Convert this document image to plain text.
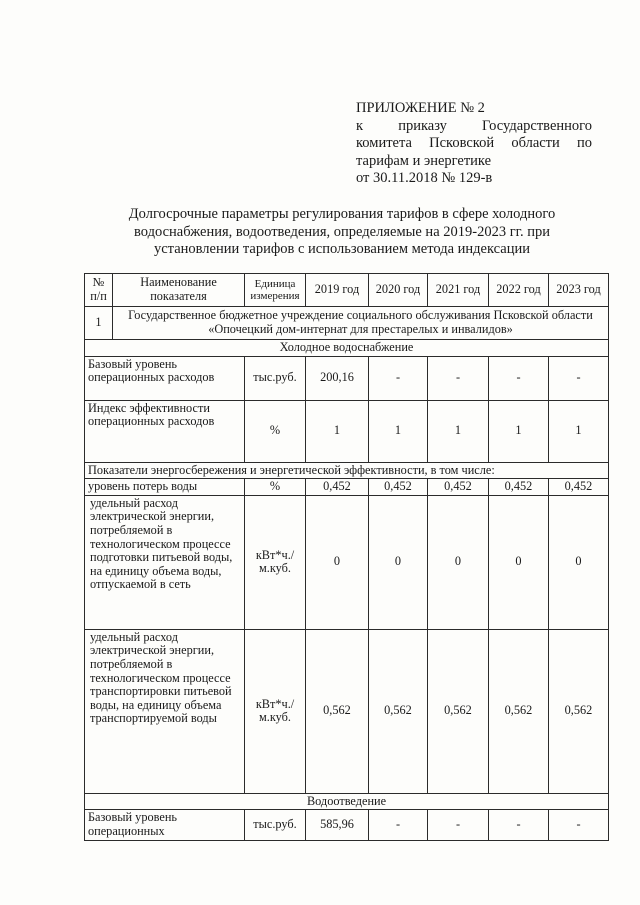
ПРИЛОЖЕНИЕ № 2
к приказу Государственного
комитета Псковской области по
тарифам и энергетике
от 30.11.2018 № 129-в
Долгосрочные параметры регулирования тарифов в сфере холодного
водоснабжения, водоотведения, определяемые на 2019-2023 гг. при
установлении тарифов с использованием метода индексации
№ п/п	Наименование показателя	Единица измерения	2019 год	2020 год	2021 год	2022 год	2023 год
1	Государственное бюджетное учреждение социального обслуживания Псковской области «Опочецкий дом-интернат для престарелых и инвалидов»						
Холодное водоснабжение							
Базовый уровень операционных расходов		тыс.руб.	200,16	-	-	-	-
Индекс эффективности операционных расходов		%	1	1	1	1	1
Показатели энергосбережения и энергетической эффективности, в том числе:							
уровень потерь воды		%	0,452	0,452	0,452	0,452	0,452
удельный расход электрической энергии, потребляемой в технологическом процессе подготовки питьевой воды, на единицу объема воды, отпускаемой в сеть		кВт*ч./м.куб.	0	0	0	0	0
удельный расход электрической энергии, потребляемой в технологическом процессе транспортировки питьевой воды, на единицу объема транспортируемой воды		кВт*ч./м.куб.	0,562	0,562	0,562	0,562	0,562
Водоотведение							
Базовый уровень операционных		тыс.руб.	585,96	-	-	-	-
